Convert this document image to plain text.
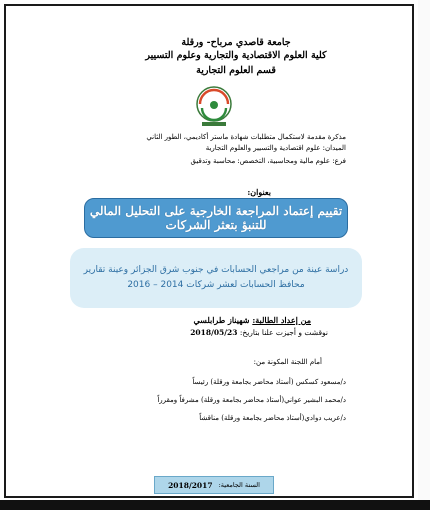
جامعة قاصدي مرباح- ورقلة
كلية العلوم الاقتصادية والتجارية وعلوم التسيير
قسم العلوم التجارية
مذكرة مقدمة لاستكمال متطلبات شهادة ماستر أكاديمي، الطور الثاني
الميدان: علوم اقتصادية والتسيير والعلوم التجارية
فرع: علوم مالية ومحاسبية، التخصص: محاسبة وتدقيق
بعنوان:
تقييم إعتماد المراجعة الخارجية على التحليل المالي للتنبؤ بتعثر الشركات
دراسة عينة من مراجعي الحسابات في جنوب شرق الجزائر وعينة تقارير
محافظ الحسابات لعشر شركات 2014 – 2016
من إعداد الطالبة: شهيناز طرابلسي
نوقشت و أجيزت علنا بتاريخ: 2018/05/23
أمام اللجنة المكونة من:
د/مسعود كسكس (أستاذ محاضر بجامعة ورقلة) رئيساً
د/محمد البشير عواني(أستاذ محاضر بجامعة ورقلة) مشرفاً ومقرراً
د/عريب دوادي(أستاذ محاضر بجامعة ورقلة) مناقشاً
السنة الجامعية:
2018/2017
